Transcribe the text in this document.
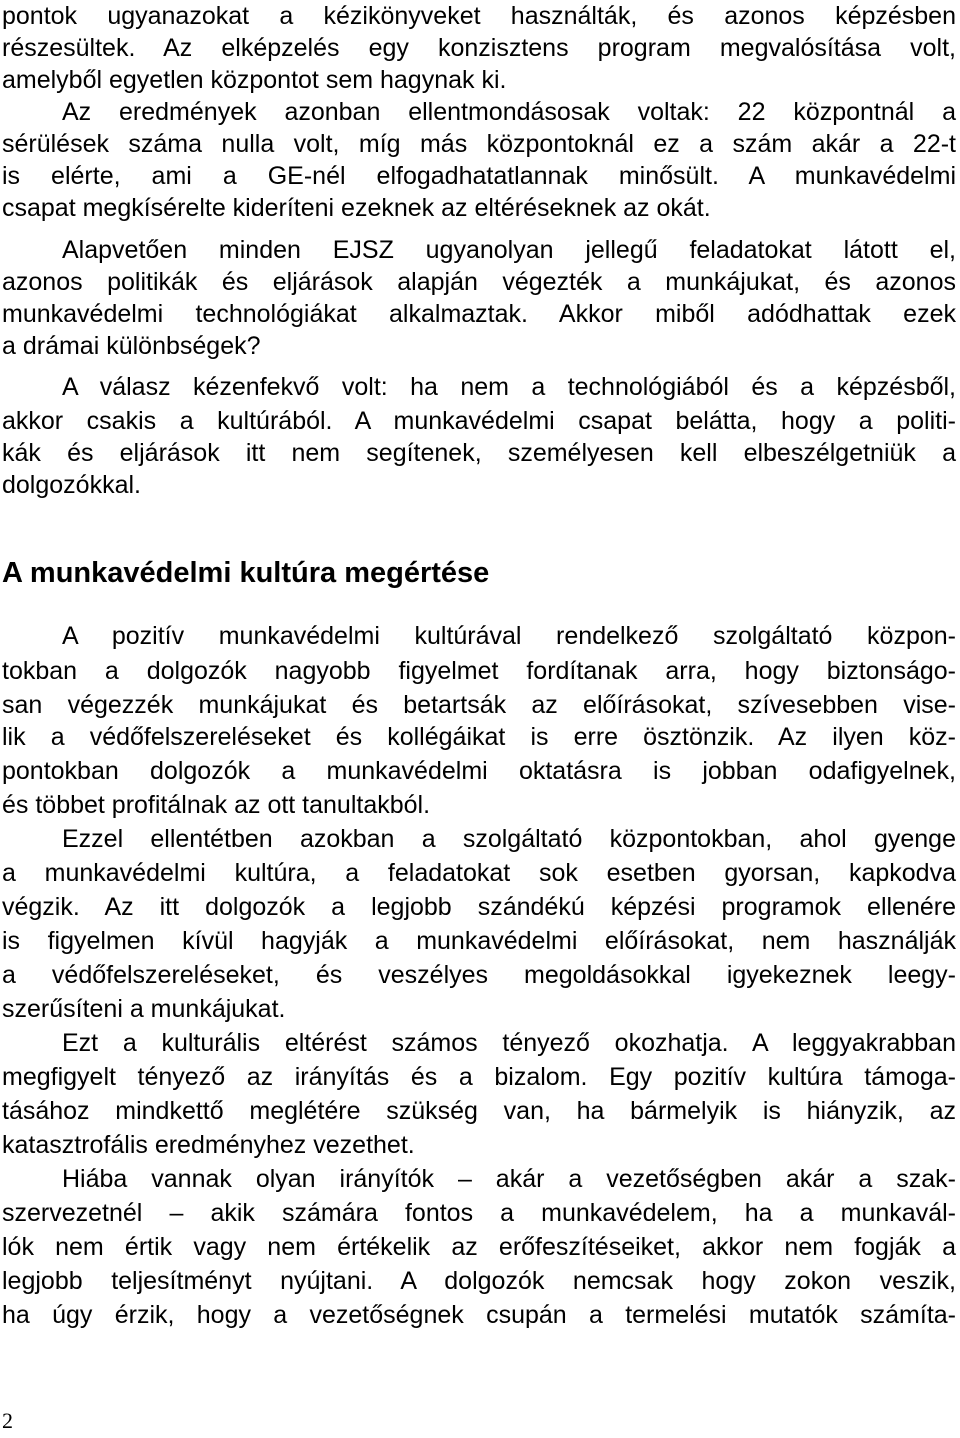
pontok ugyanazokat a kézikönyveket használták, és azonos képzésben
részesültek. Az elképzelés egy konzisztens program megvalósítása volt,
amelyből egyetlen központot sem hagynak ki.
Az eredmények azonban ellentmondásosak voltak: 22 központnál a
sérülések száma nulla volt, míg más központoknál ez a szám akár a 22-t
is elérte, ami a GE-nél elfogadhatatlannak minősült. A munkavédelmi
csapat megkísérelte kideríteni ezeknek az eltéréseknek az okát.
Alapvetően minden EJSZ ugyanolyan jellegű feladatokat látott el,
azonos politikák és eljárások alapján végezték a munkájukat, és azonos
munkavédelmi technológiákat alkalmaztak. Akkor miből adódhattak ezek
a drámai különbségek?
A válasz kézenfekvő volt: ha nem a technológiából és a képzésből,
akkor csakis a kultúrából. A munkavédelmi csapat belátta, hogy a politi-
kák és eljárások itt nem segítenek, személyesen kell elbeszélgetniük a
dolgozókkal.
A munkavédelmi kultúra megértése
A pozitív munkavédelmi kultúrával rendelkező szolgáltató közpon-
tokban a dolgozók nagyobb figyelmet fordítanak arra, hogy biztonságo-
san végezzék munkájukat és betartsák az előírásokat, szívesebben vise-
lik a védőfelszereléseket és kollégáikat is erre ösztönzik. Az ilyen köz-
pontokban dolgozók a munkavédelmi oktatásra is jobban odafigyelnek,
és többet profitálnak az ott tanultakból.
Ezzel ellentétben azokban a szolgáltató központokban, ahol gyenge
a munkavédelmi kultúra, a feladatokat sok esetben gyorsan, kapkodva
végzik. Az itt dolgozók a legjobb szándékú képzési programok ellenére
is figyelmen kívül hagyják a munkavédelmi előírásokat, nem használják
a védőfelszereléseket, és veszélyes megoldásokkal igyekeznek leegy-
szerűsíteni a munkájukat.
Ezt a kulturális eltérést számos tényező okozhatja. A leggyakrabban
megfigyelt tényező az irányítás és a bizalom. Egy pozitív kultúra támoga-
tásához mindkettő meglétére szükség van, ha bármelyik is hiányzik, az
katasztrofális eredményhez vezethet.
Hiába vannak olyan irányítók – akár a vezetőségben akár a szak-
szervezetnél – akik számára fontos a munkavédelem, ha a munkavál-
lók nem értik vagy nem értékelik az erőfeszítéseiket, akkor nem fogják a
legjobb teljesítményt nyújtani. A dolgozók nemcsak hogy zokon veszik,
ha úgy érzik, hogy a vezetőségnek csupán a termelési mutatók számíta-
2
